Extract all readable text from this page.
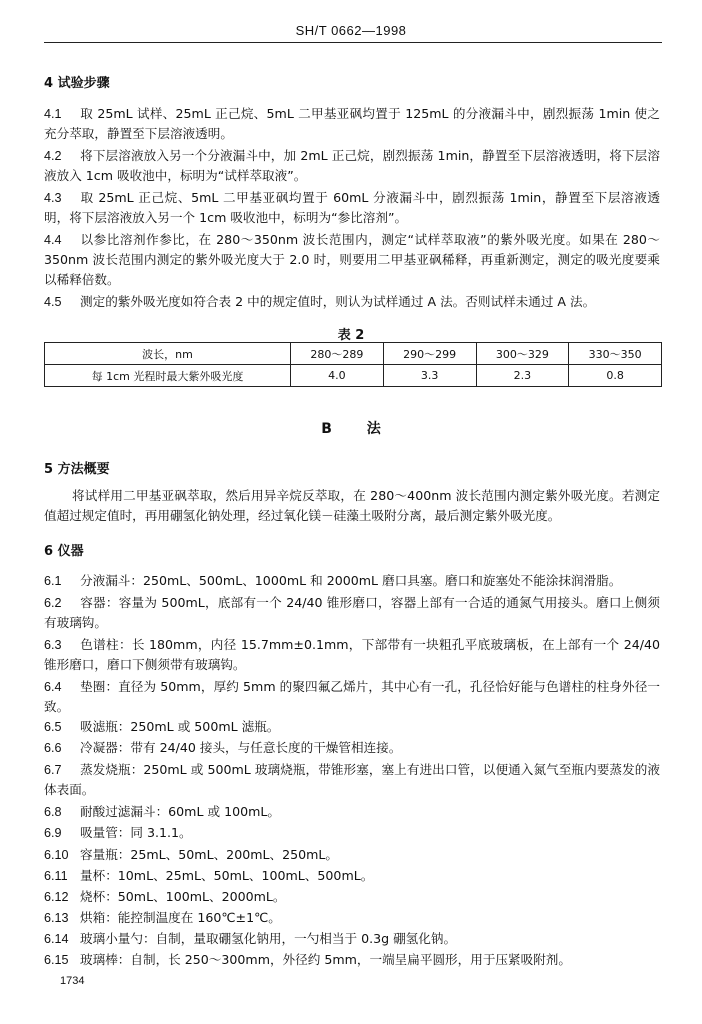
SH/T 0662—1998
4 试验步骤
4.1 取 25mL 试样、25mL 正己烷、5mL 二甲基亚砜均置于 125mL 的分液漏斗中，剧烈振荡 1min 使之充分萃取，静置至下层溶液透明。
4.2 将下层溶液放入另一个分液漏斗中，加 2mL 正己烷，剧烈振荡 1min，静置至下层溶液透明，将下层溶液放入 1cm 吸收池中，标明为“试样萃取液”。
4.3 取 25mL 正己烷、5mL 二甲基亚砜均置于 60mL 分液漏斗中，剧烈振荡 1min，静置至下层溶液透明，将下层溶液放入另一个 1cm 吸收池中，标明为“参比溶剂”。
4.4 以参比溶剂作参比，在 280～350nm 波长范围内，测定“试样萃取液”的紫外吸光度。如果在 280～350nm 波长范围内测定的紫外吸光度大于 2.0 时，则要用二甲基亚砜稀释，再重新测定，测定的吸光度要乘以稀释倍数。
4.5 测定的紫外吸光度如符合表 2 中的规定值时，则认为试样通过 A 法。否则试样未通过 A 法。
表 2
波长，nm	280～289	290～299	300～329	330～350
每 1cm 光程时最大紫外吸光度	4.0	3.3	2.3	0.8
B 法
5 方法概要
将试样用二甲基亚砜萃取，然后用异辛烷反萃取，在 280～400nm 波长范围内测定紫外吸光度。若测定值超过规定值时，再用硼氢化钠处理，经过氧化镁－硅藻土吸附分离，最后测定紫外吸光度。
6 仪器
6.1 分液漏斗：250mL、500mL、1000mL 和 2000mL 磨口具塞。磨口和旋塞处不能涂抹润滑脂。
6.2 容器：容量为 500mL，底部有一个 24/40 锥形磨口，容器上部有一合适的通氮气用接头。磨口上侧须有玻璃钩。
6.3 色谱柱：长 180mm，内径 15.7mm±0.1mm，下部带有一块粗孔平底玻璃板，在上部有一个 24/40 锥形磨口，磨口下侧须带有玻璃钩。
6.4 垫圈：直径为 50mm，厚约 5mm 的聚四氟乙烯片，其中心有一孔，孔径恰好能与色谱柱的柱身外径一致。
6.5 吸滤瓶：250mL 或 500mL 滤瓶。
6.6 冷凝器：带有 24/40 接头，与任意长度的干燥管相连接。
6.7 蒸发烧瓶：250mL 或 500mL 玻璃烧瓶，带锥形塞，塞上有进出口管，以便通入氮气至瓶内要蒸发的液体表面。
6.8 耐酸过滤漏斗：60mL 或 100mL。
6.9 吸量管：同 3.1.1。
6.10 容量瓶：25mL、50mL、200mL、250mL。
6.11 量杯：10mL、25mL、50mL、100mL、500mL。
6.12 烧杯：50mL、100mL、2000mL。
6.13 烘箱：能控制温度在 160℃±1℃。
6.14 玻璃小量勺：自制，量取硼氢化钠用，一勺相当于 0.3g 硼氢化钠。
6.15 玻璃棒：自制，长 250～300mm，外径约 5mm，一端呈扁平圆形，用于压紧吸附剂。
1734
